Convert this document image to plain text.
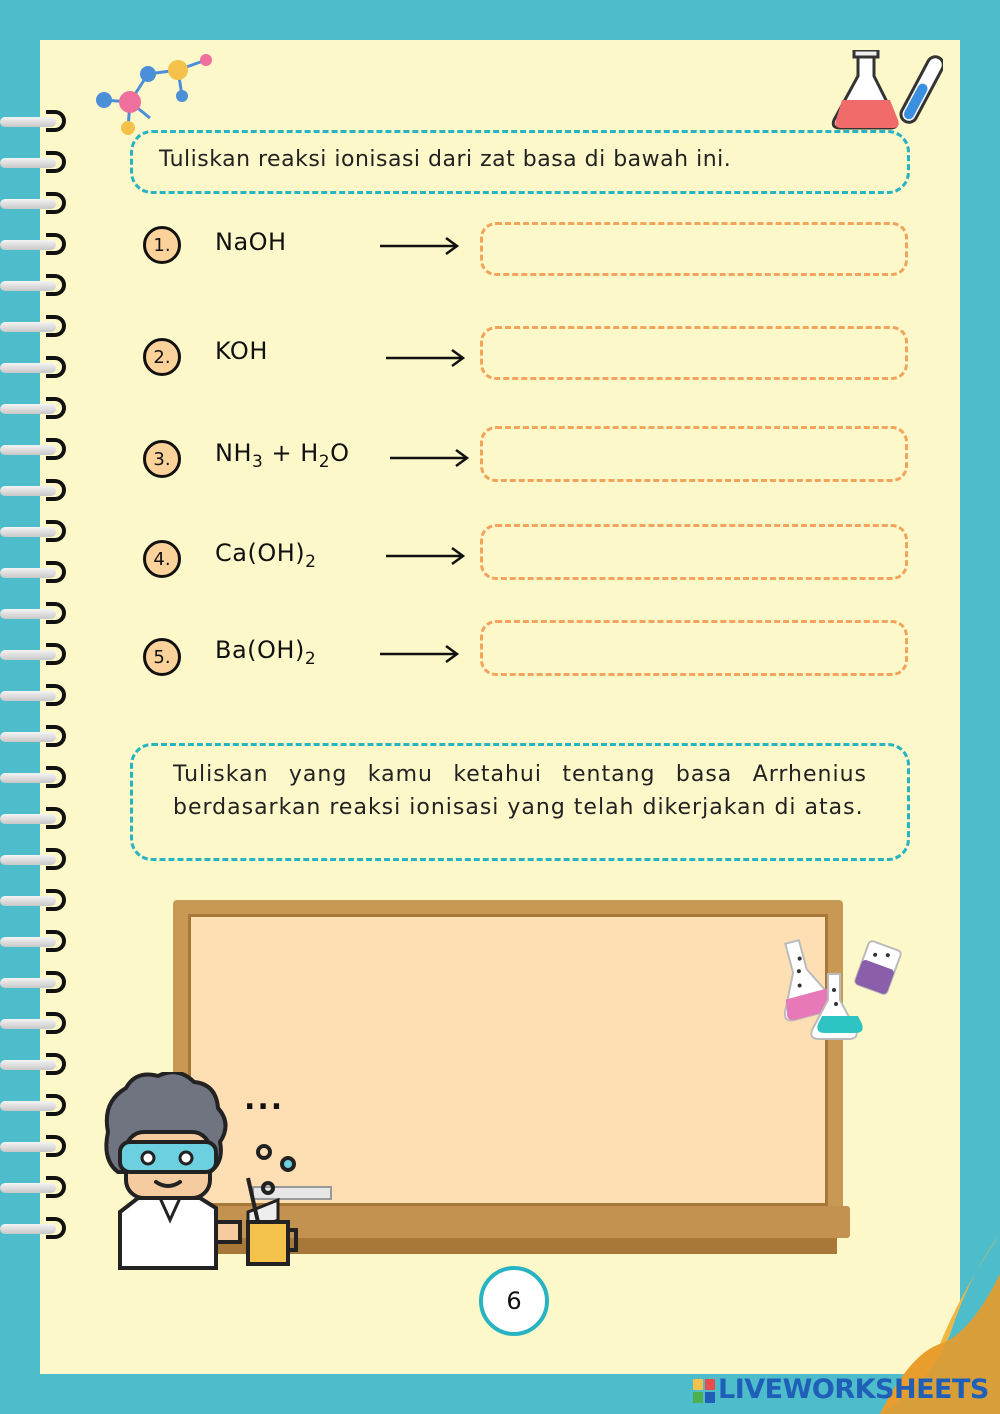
Tuliskan reaksi ionisasi dari zat basa di bawah ini.
1.	NaOH
2.	KOH
3.	$NH_3 + H_2O$
4.	$Ca(OH)_2$
5.	$Ba(OH)_2$
Tuliskan yang kamu ketahui tentang basa Arrhenius berdasarkan reaksi ionisasi yang telah dikerjakan di atas.
...
6
LIVEWORKSHEETS
